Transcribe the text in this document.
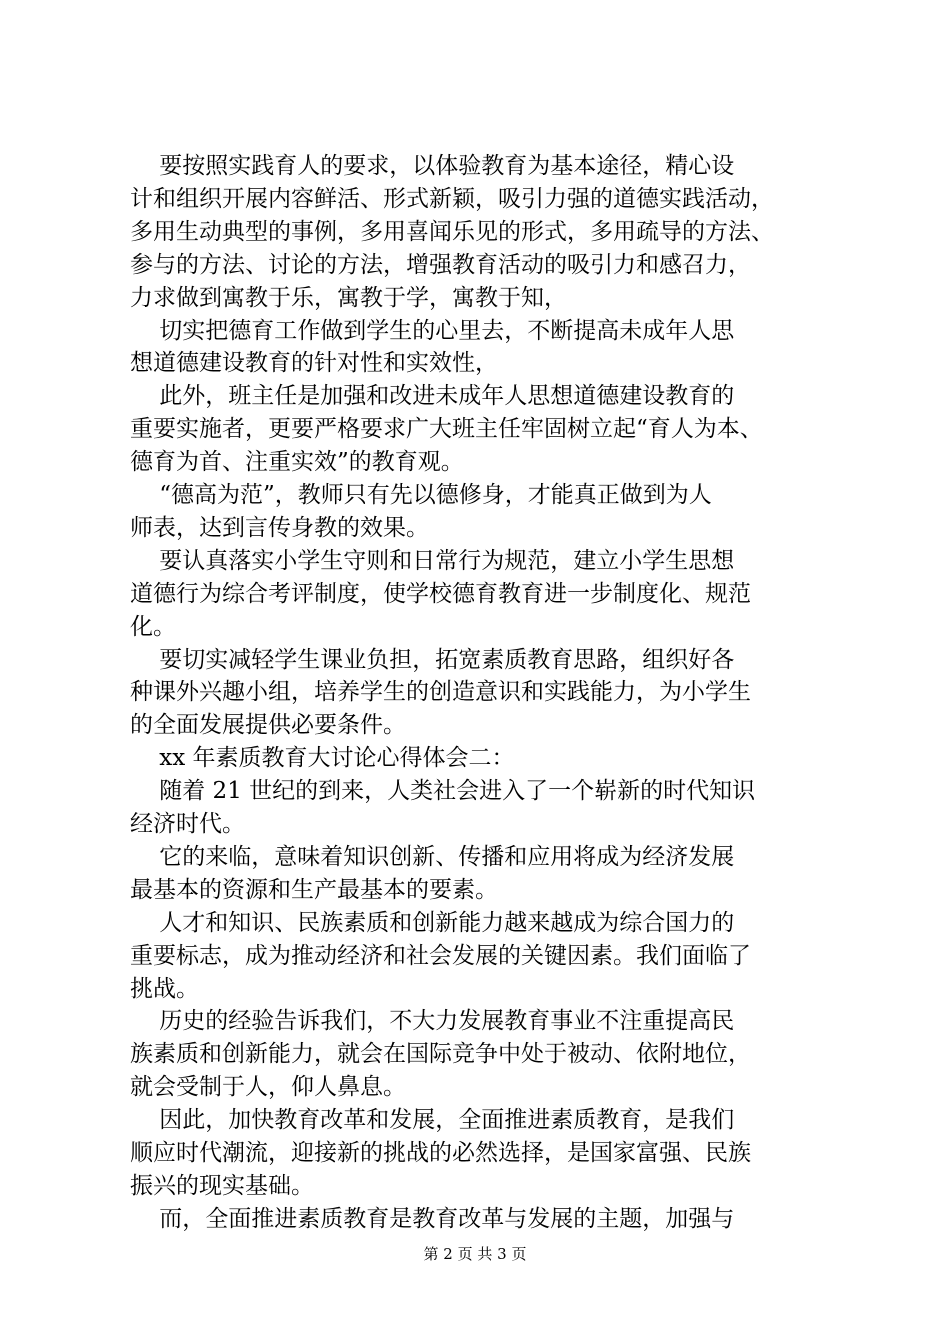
要按照实践育人的要求，以体验教育为基本途径，精心设
计和组织开展内容鲜活、形式新颖，吸引力强的道德实践活动，
多用生动典型的事例，多用喜闻乐见的形式，多用疏导的方法、
参与的方法、讨论的方法，增强教育活动的吸引力和感召力，
力求做到寓教于乐，寓教于学，寓教于知，
切实把德育工作做到学生的心里去，不断提高未成年人思
想道德建设教育的针对性和实效性，
此外，班主任是加强和改进未成年人思想道德建设教育的
重要实施者，更要严格要求广大班主任牢固树立起“育人为本、
德育为首、注重实效”的教育观。
“德高为范”，教师只有先以德修身，才能真正做到为人
师表，达到言传身教的效果。
要认真落实小学生守则和日常行为规范，建立小学生思想
道德行为综合考评制度，使学校德育教育进一步制度化、规范
化。
要切实减轻学生课业负担，拓宽素质教育思路，组织好各
种课外兴趣小组，培养学生的创造意识和实践能力，为小学生
的全面发展提供必要条件。
xx 年素质教育大讨论心得体会二：
随着 21 世纪的到来，人类社会进入了一个崭新的时代知识
经济时代。
它的来临，意味着知识创新、传播和应用将成为经济发展
最基本的资源和生产最基本的要素。
人才和知识、民族素质和创新能力越来越成为综合国力的
重要标志，成为推动经济和社会发展的关键因素。我们面临了
挑战。
历史的经验告诉我们，不大力发展教育事业不注重提高民
族素质和创新能力，就会在国际竞争中处于被动、依附地位，
就会受制于人，仰人鼻息。
因此，加快教育改革和发展，全面推进素质教育，是我们
顺应时代潮流，迎接新的挑战的必然选择，是国家富强、民族
振兴的现实基础。
而，全面推进素质教育是教育改革与发展的主题，加强与
第 2 页 共 3 页
